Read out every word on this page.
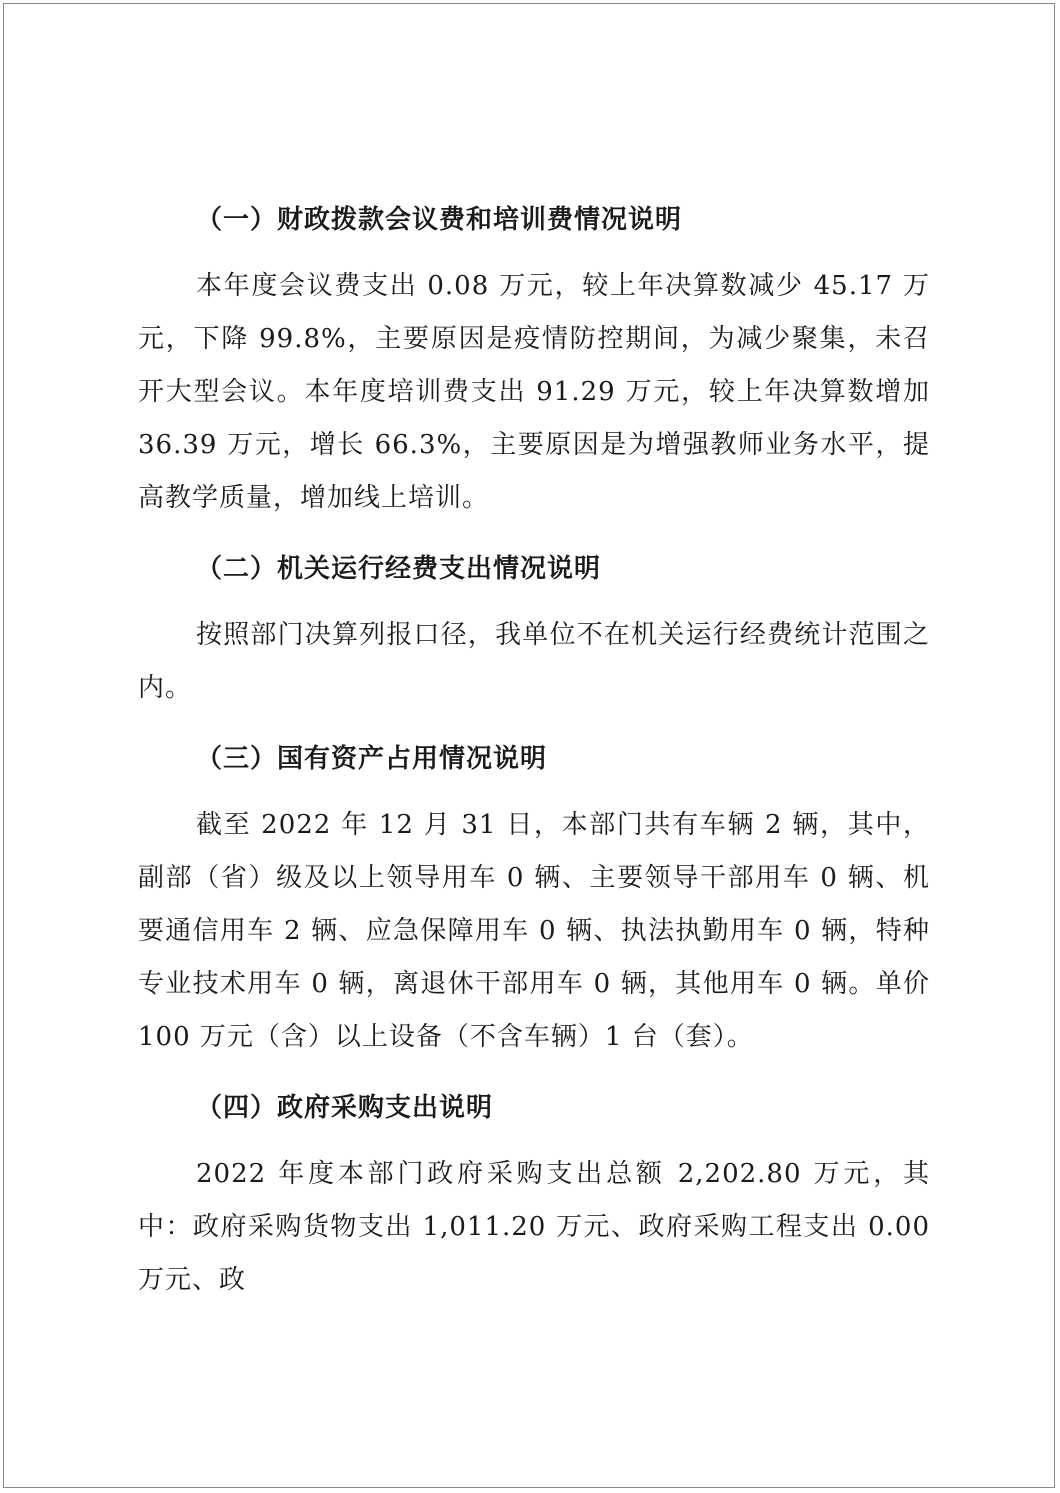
（一）财政拨款会议费和培训费情况说明

本年度会议费支出 0.08 万元，较上年决算数减少 45.17 万元，下降 99.8%，主要原因是疫情防控期间，为减少聚集，未召开大型会议。本年度培训费支出 91.29 万元，较上年决算数增加 36.39 万元，增长 66.3%，主要原因是为增强教师业务水平，提高教学质量，增加线上培训。

（二）机关运行经费支出情况说明

按照部门决算列报口径，我单位不在机关运行经费统计范围之内。

（三）国有资产占用情况说明

截至 2022 年 12 月 31 日，本部门共有车辆 2 辆，其中，副部（省）级及以上领导用车 0 辆、主要领导干部用车 0 辆、机要通信用车 2 辆、应急保障用车 0 辆、执法执勤用车 0 辆，特种专业技术用车 0 辆，离退休干部用车 0 辆，其他用车 0 辆。单价 100 万元（含）以上设备（不含车辆）1 台（套）。

（四）政府采购支出说明

2022 年度本部门政府采购支出总额 2,202.80 万元，其中：政府采购货物支出 1,011.20 万元、政府采购工程支出 0.00 万元、政
